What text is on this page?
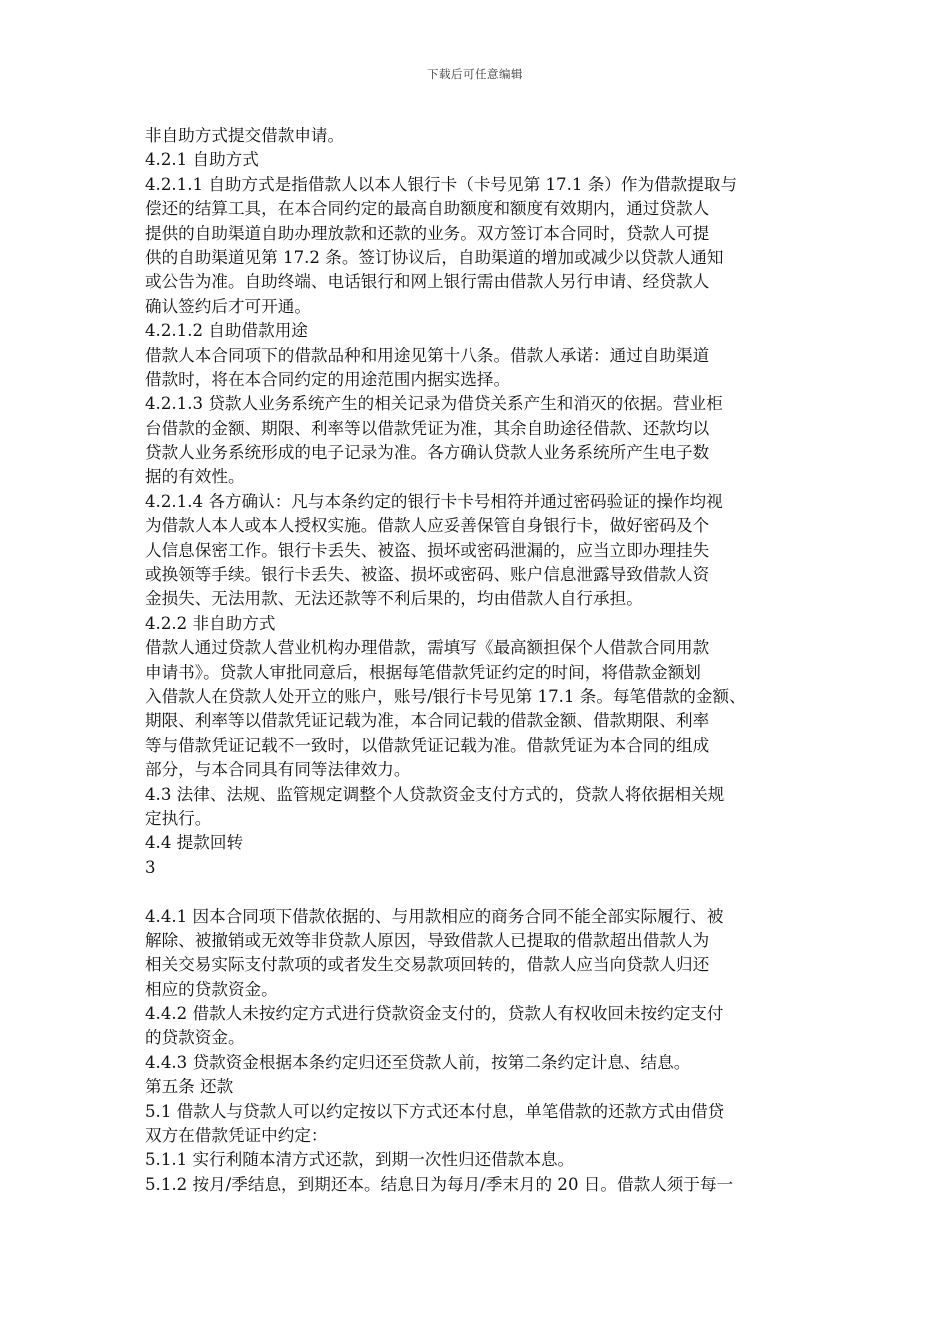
下载后可任意编辑
非自助方式提交借款申请。
4.2.1 自助方式
4.2.1.1 自助方式是指借款人以本人银行卡（卡号见第 17.1 条）作为借款提取与
偿还的结算工具，在本合同约定的最高自助额度和额度有效期内，通过贷款人
提供的自助渠道自助办理放款和还款的业务。双方签订本合同时，贷款人可提
供的自助渠道见第 17.2 条。签订协议后，自助渠道的增加或减少以贷款人通知
或公告为准。自助终端、电话银行和网上银行需由借款人另行申请、经贷款人
确认签约后才可开通。
4.2.1.2 自助借款用途
借款人本合同项下的借款品种和用途见第十八条。借款人承诺：通过自助渠道
借款时，将在本合同约定的用途范围内据实选择。
4.2.1.3 贷款人业务系统产生的相关记录为借贷关系产生和消灭的依据。营业柜
台借款的金额、期限、利率等以借款凭证为准，其余自助途径借款、还款均以
贷款人业务系统形成的电子记录为准。各方确认贷款人业务系统所产生电子数
据的有效性。
4.2.1.4 各方确认：凡与本条约定的银行卡卡号相符并通过密码验证的操作均视
为借款人本人或本人授权实施。借款人应妥善保管自身银行卡，做好密码及个
人信息保密工作。银行卡丢失、被盗、损坏或密码泄漏的，应当立即办理挂失
或换领等手续。银行卡丢失、被盗、损坏或密码、账户信息泄露导致借款人资
金损失、无法用款、无法还款等不利后果的，均由借款人自行承担。
4.2.2 非自助方式
借款人通过贷款人营业机构办理借款，需填写《最高额担保个人借款合同用款
申请书》。贷款人审批同意后，根据每笔借款凭证约定的时间，将借款金额划
入借款人在贷款人处开立的账户，账号/银行卡号见第 17.1 条。每笔借款的金额、
期限、利率等以借款凭证记载为准，本合同记载的借款金额、借款期限、利率
等与借款凭证记载不一致时，以借款凭证记载为准。借款凭证为本合同的组成
部分，与本合同具有同等法律效力。
4.3 法律、法规、监管规定调整个人贷款资金支付方式的，贷款人将依据相关规
定执行。
4.4 提款回转
3
4.4.1 因本合同项下借款依据的、与用款相应的商务合同不能全部实际履行、被
解除、被撤销或无效等非贷款人原因，导致借款人已提取的借款超出借款人为
相关交易实际支付款项的或者发生交易款项回转的，借款人应当向贷款人归还
相应的贷款资金。
4.4.2 借款人未按约定方式进行贷款资金支付的，贷款人有权收回未按约定支付
的贷款资金。
4.4.3 贷款资金根据本条约定归还至贷款人前，按第二条约定计息、结息。
第五条 还款
5.1 借款人与贷款人可以约定按以下方式还本付息，单笔借款的还款方式由借贷
双方在借款凭证中约定：
5.1.1 实行利随本清方式还款，到期一次性归还借款本息。
5.1.2 按月/季结息，到期还本。结息日为每月/季末月的 20 日。借款人须于每一
